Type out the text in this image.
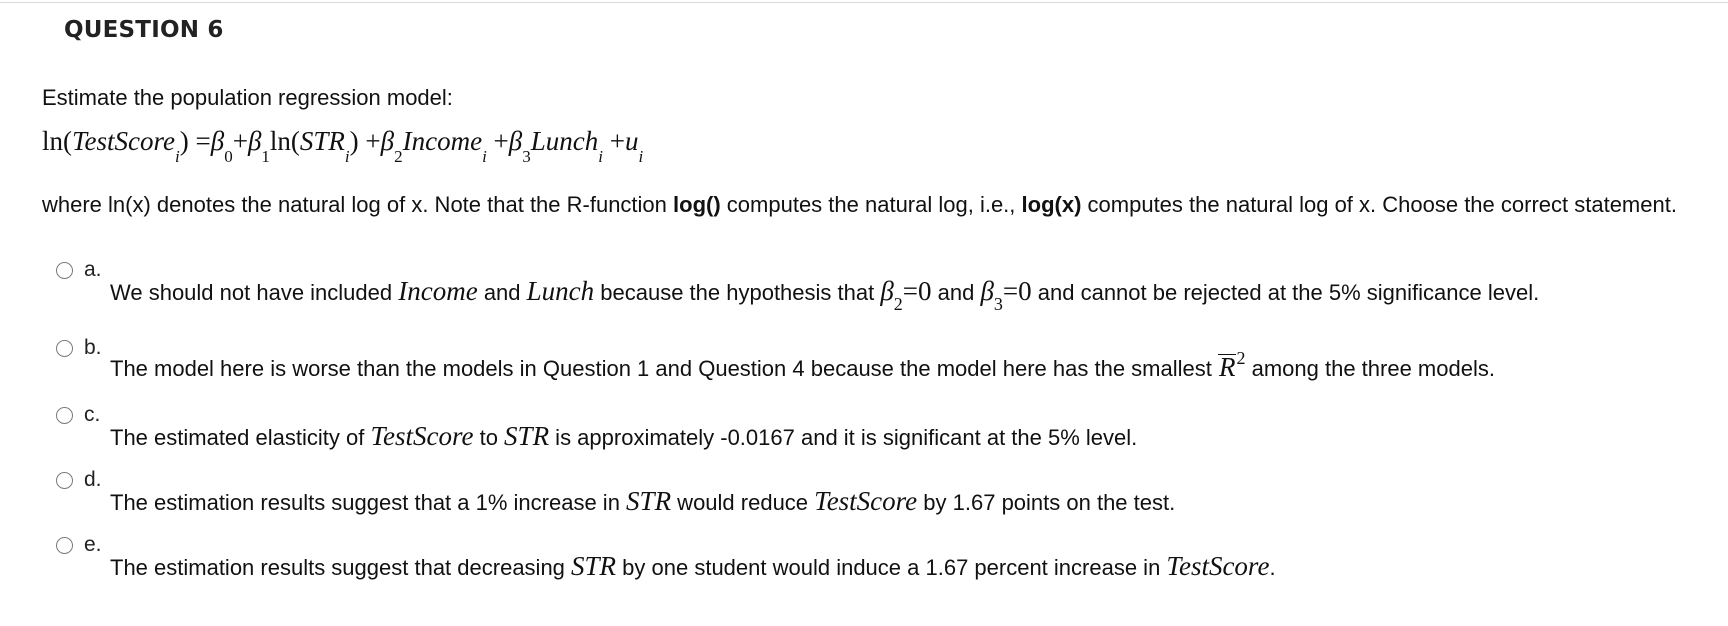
QUESTION 6
Estimate the population regression model:
ln(TestScore$_i$) $=\beta_0+\beta_1\ln(STR_i)$ $+\beta_2Income_i$ $+\beta_3Lunch_i +u_i$
where ln(x) denotes the natural log of x. Note that the R-function log() computes the natural log, i.e., log(x) computes the natural log of x. Choose the correct statement.
a.
We should not have included Income and Lunch because the hypothesis that $\beta_2=0$ and $\beta_3=0$ and cannot be rejected at the 5% significance level.
b.
The model here is worse than the models in Question 1 and Question 4 because the model here has the smallest $R^2$ among the three models.
c.
The estimated elasticity of TestScore to STR is approximately -0.0167 and it is significant at the 5% level.
d.
The estimation results suggest that a 1% increase in STR would reduce TestScore by 1.67 points on the test.
e.
The estimation results suggest that decreasing STR by one student would induce a 1.67 percent increase in TestScore.
